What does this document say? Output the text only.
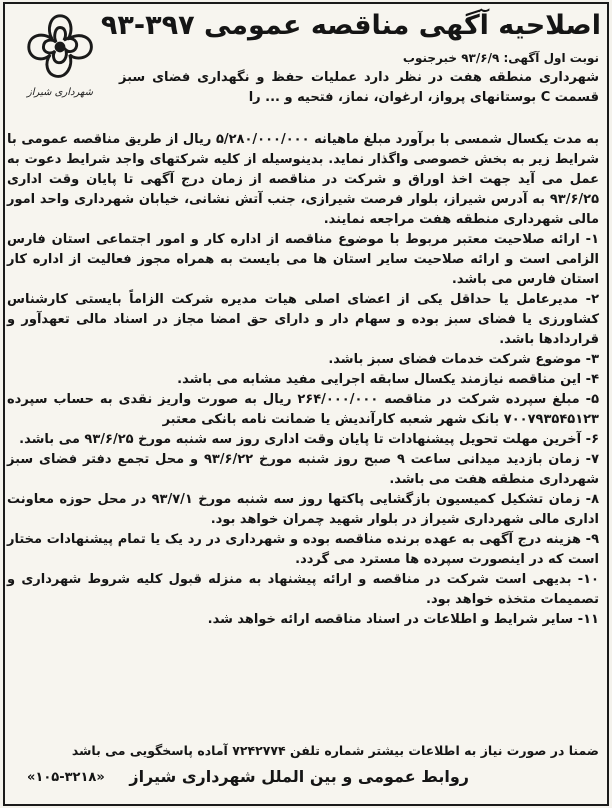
شهرداری شیراز
اصلاحیه آگهی مناقصه عمومی ۳۹۷-۹۳
نوبت اول آگهی: ۹۳/۶/۹ خبرجنوب
شهرداری منطقه هفت در نظر دارد عملیات حفظ و نگهداری فضای سبز قسمت C بوستانهای پرواز، ارغوان، نماز، فتحیه و ... را

به مدت یکسال شمسی با برآورد مبلغ ماهیانه ۵/۲۸۰/۰۰۰/۰۰۰ ریال از طریق مناقصه عمومی با شرایط زیر به بخش خصوصی واگذار نماید. بدینوسیله از کلیه شرکتهای واجد شرایط دعوت به عمل می آید جهت اخذ اوراق و شرکت در مناقصه از زمان درج آگهی تا پایان وقت اداری ۹۳/۶/۲۵ به آدرس شیراز، بلوار فرصت شیرازی، جنب آتش نشانی، خیابان شهرداری واحد امور مالی شهرداری منطقه هفت مراجعه نمایند.

۱- ارائه صلاحیت معتبر مربوط با موضوع مناقصه از اداره کار و امور اجتماعی استان فارس الزامی است و ارائه صلاحیت سایر استان ها می بایست به همراه مجوز فعالیت از اداره کار استان فارس می باشد.

۲- مدیرعامل یا حداقل یکی از اعضای اصلی هیات مدیره شرکت الزاماً بایستی کارشناس کشاورزی یا فضای سبز بوده و سهام دار و دارای حق امضا مجاز در اسناد مالی تعهدآور و قراردادها باشد.

۳- موضوع شرکت خدمات فضای سبز باشد.

۴- این مناقصه نیازمند یکسال سابقه اجرایی مفید مشابه می باشد.

۵- مبلغ سپرده شرکت در مناقصه ۲۶۴/۰۰۰/۰۰۰ ریال به صورت واریز نقدی به حساب سپرده ۷۰۰۷۹۳۵۴۵۱۲۳ بانک شهر شعبه کارآندیش یا ضمانت نامه بانکی معتبر

۶- آخرین مهلت تحویل پیشنهادات تا پایان وقت اداری روز سه شنبه مورخ ۹۳/۶/۲۵ می باشد.

۷- زمان بازدید میدانی ساعت ۹ صبح روز شنبه مورخ ۹۳/۶/۲۲ و محل تجمع دفتر فضای سبز شهرداری منطقه هفت می باشد.

۸- زمان تشکیل کمیسیون بازگشایی پاکتها روز سه شنبه مورخ ۹۳/۷/۱ در محل حوزه معاونت اداری مالی شهرداری شیراز در بلوار شهید چمران خواهد بود.

۹- هزینه درج آگهی به عهده برنده مناقصه بوده و شهرداری در رد یک یا تمام پیشنهادات مختار است که در اینصورت سپرده ها مسترد می گردد.

۱۰- بدیهی است شرکت در مناقصه و ارائه پیشنهاد به منزله قبول کلیه شروط شهرداری و تصمیمات متخذه خواهد بود.

۱۱- سایر شرایط و اطلاعات در اسناد مناقصه ارائه خواهد شد.

ضمنا در صورت نیاز به اطلاعات بیشتر شماره تلفن ۷۲۴۲۷۷۴ آماده پاسخگویی می باشد
روابط عمومی و بین الملل شهرداری شیراز
«۱۰۵-۳۲۱۸»
